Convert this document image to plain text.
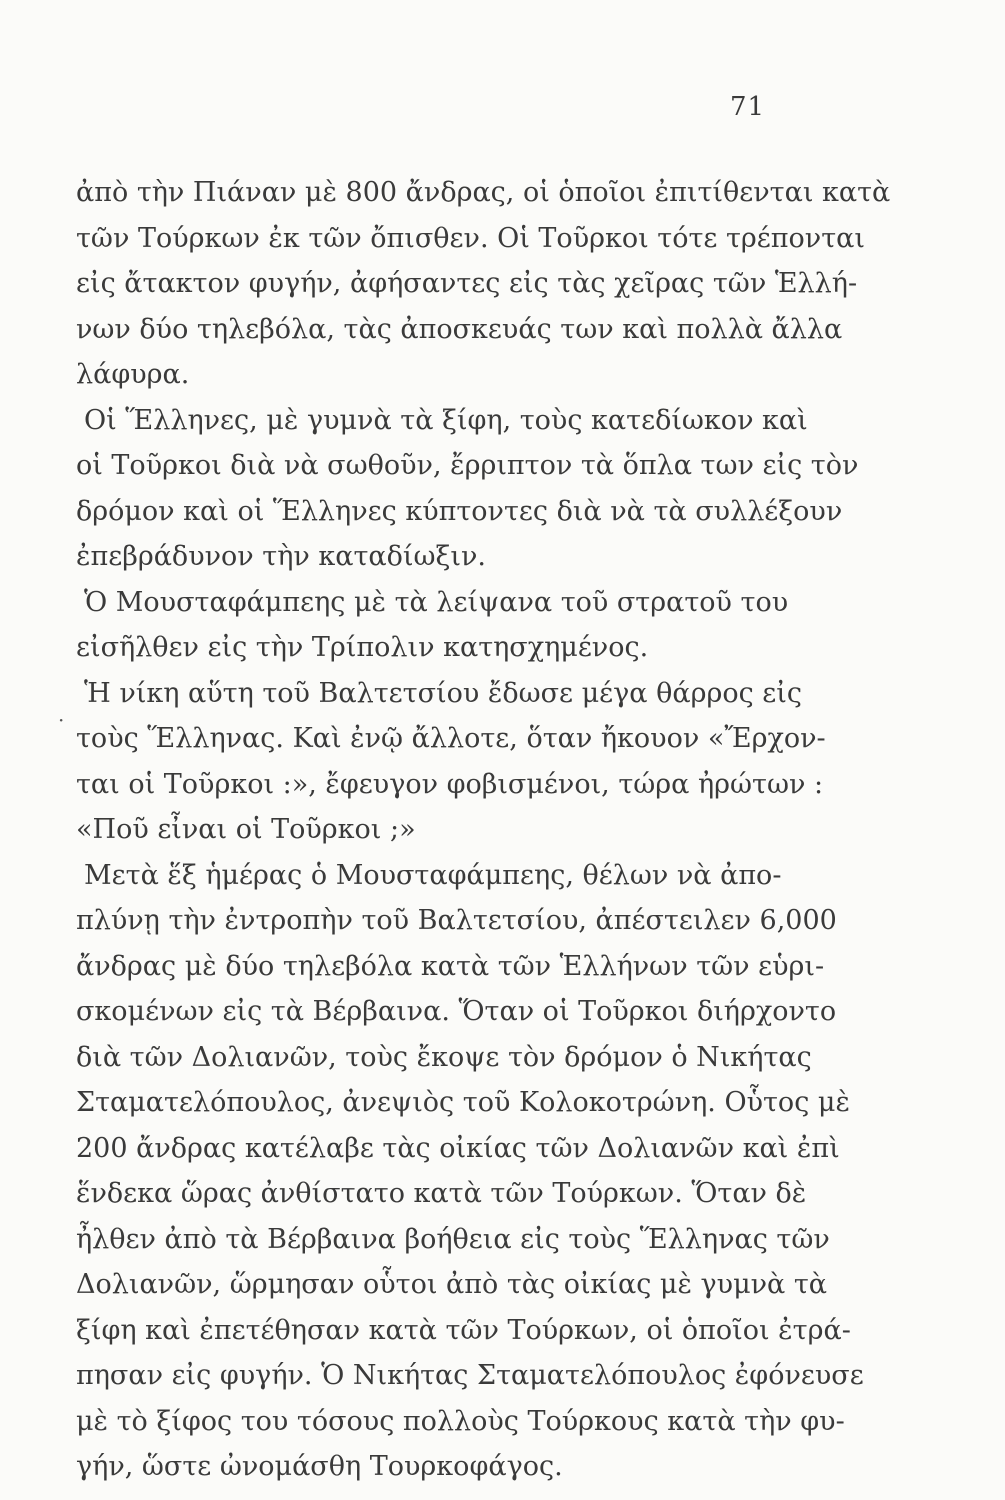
71
ἀπὸ τὴν Πιάναν μὲ 800 ἄνδρας, οἱ ὁποῖοι ἐπιτίθενται κατὰ
τῶν Τούρκων ἐκ τῶν ὄπισθεν. Οἱ Τοῦρκοι τότε τρέπονται
εἰς ἄτακτον φυγήν, ἀφήσαντες εἰς τὰς χεῖρας τῶν Ἑλλή-
νων δύο τηλεβόλα, τὰς ἀποσκευάς των καὶ πολλὰ ἄλλα
λάφυρα.
Οἱ Ἕλληνες, μὲ γυμνὰ τὰ ξίφη, τοὺς κατεδίωκον καὶ
οἱ Τοῦρκοι διὰ νὰ σωθοῦν, ἔρριπτον τὰ ὅπλα των εἰς τὸν
δρόμον καὶ οἱ Ἕλληνες κύπτοντες διὰ νὰ τὰ συλλέξουν
ἐπεβράδυνον τὴν καταδίωξιν.
Ὁ Μουσταφάμπεης μὲ τὰ λείψανα τοῦ στρατοῦ του
εἰσῆλθεν εἰς τὴν Τρίπολιν κατησχημένος.
Ἡ νίκη αὕτη τοῦ Βαλτετσίου ἔδωσε μέγα θάρρος εἰς
τοὺς Ἕλληνας. Καὶ ἐνῷ ἄλλοτε, ὅταν ἤκουον «Ἔρχον-
ται οἱ Τοῦρκοι :», ἔφευγον φοβισμένοι, τώρα ἠρώτων :
«Ποῦ εἶναι οἱ Τοῦρκοι ;»
Μετὰ ἕξ ἡμέρας ὁ Μουσταφάμπεης, θέλων νὰ ἀπο-
πλύνῃ τὴν ἐντροπὴν τοῦ Βαλτετσίου, ἀπέστειλεν 6,000
ἄνδρας μὲ δύο τηλεβόλα κατὰ τῶν Ἑλλήνων τῶν εὑρι-
σκομένων εἰς τὰ Βέρβαινα. Ὅταν οἱ Τοῦρκοι διήρχοντο
διὰ τῶν Δολιανῶν, τοὺς ἔκοψε τὸν δρόμον ὁ Νικήτας
Σταματελόπουλος, ἀνεψιὸς τοῦ Κολοκοτρώνη. Οὗτος μὲ
200 ἄνδρας κατέλαβε τὰς οἰκίας τῶν Δολιανῶν καὶ ἐπὶ
ἕνδεκα ὥρας ἀνθίστατο κατὰ τῶν Τούρκων. Ὅταν δὲ
ἦλθεν ἀπὸ τὰ Βέρβαινα βοήθεια εἰς τοὺς Ἕλληνας τῶν
Δολιανῶν, ὥρμησαν οὗτοι ἀπὸ τὰς οἰκίας μὲ γυμνὰ τὰ
ξίφη καὶ ἐπετέθησαν κατὰ τῶν Τούρκων, οἱ ὁποῖοι ἐτρά-
πησαν εἰς φυγήν. Ὁ Νικήτας Σταματελόπουλος ἐφόνευσε
μὲ τὸ ξίφος του τόσους πολλοὺς Τούρκους κατὰ τὴν φυ-
γήν, ὥστε ὠνομάσθη Τουρκοφάγος.
·
